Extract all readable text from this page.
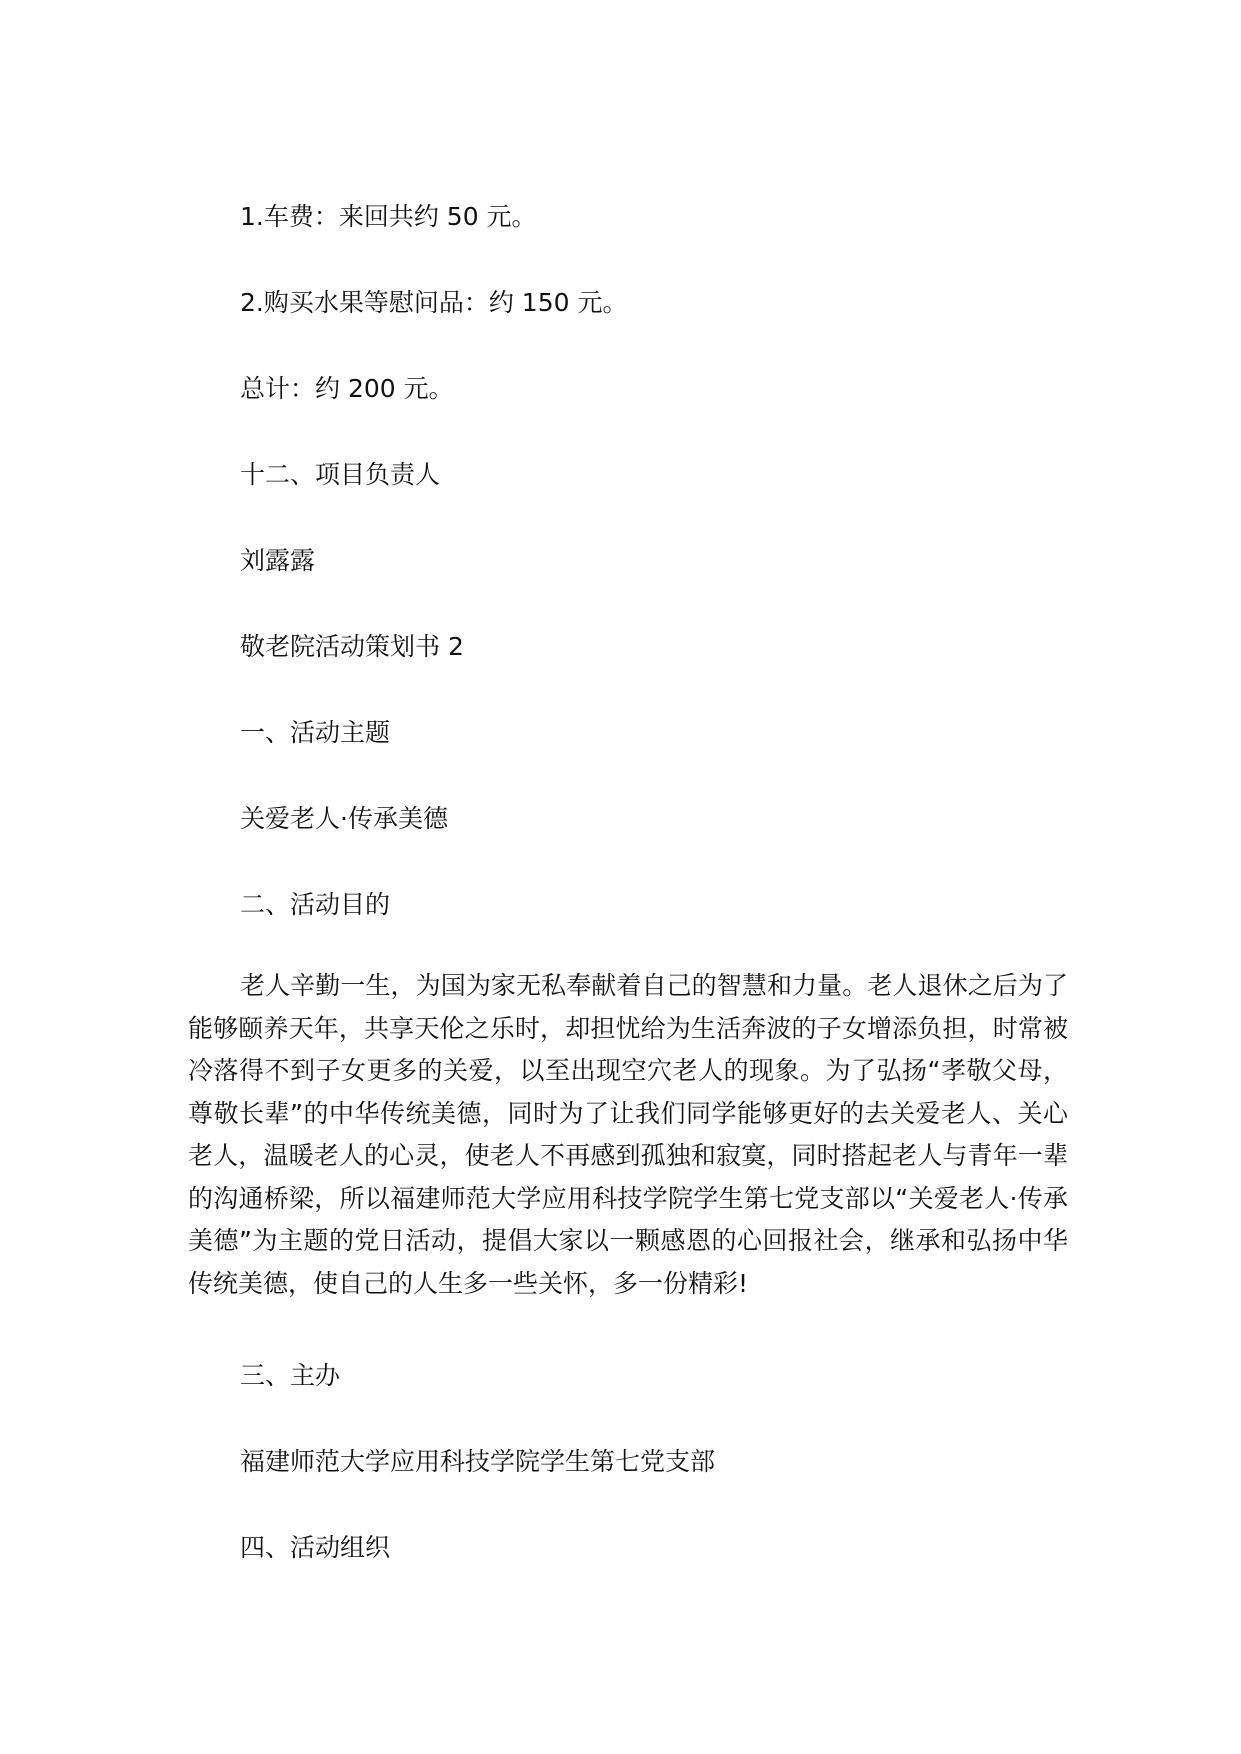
1.车费：来回共约 50 元。
2.购买水果等慰问品：约 150 元。
总计：约 200 元。
十二、项目负责人
刘露露
敬老院活动策划书 2
一、活动主题
关爱老人·传承美德
二、活动目的
老人辛勤一生，为国为家无私奉献着自己的智慧和力量。老人退休之后为了能够颐养天年，共享天伦之乐时，却担忧给为生活奔波的子女增添负担，时常被冷落得不到子女更多的关爱，以至出现空穴老人的现象。为了弘扬“孝敬父母，尊敬长辈”的中华传统美德，同时为了让我们同学能够更好的去关爱老人、关心老人，温暖老人的心灵，使老人不再感到孤独和寂寞，同时搭起老人与青年一辈的沟通桥梁，所以福建师范大学应用科技学院学生第七党支部以“关爱老人·传承美德”为主题的党日活动，提倡大家以一颗感恩的心回报社会，继承和弘扬中华传统美德，使自己的人生多一些关怀，多一份精彩!
三、主办
福建师范大学应用科技学院学生第七党支部
四、活动组织
